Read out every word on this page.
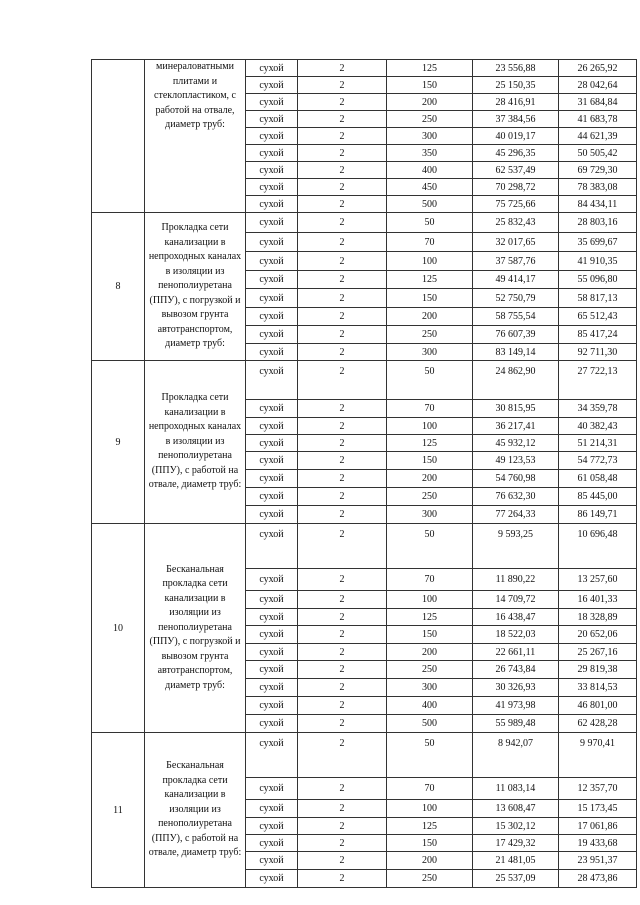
	минераловатными плитами и стеклопластиком, с работой на отвале, диаметр труб:	сухой	2	125	23 556,88	26 265,92
		сухой	2	150	25 150,35	28 042,64
		сухой	2	200	28 416,91	31 684,84
		сухой	2	250	37 384,56	41 683,78
		сухой	2	300	40 019,17	44 621,39
		сухой	2	350	45 296,35	50 505,42
		сухой	2	400	62 537,49	69 729,30
		сухой	2	450	70 298,72	78 383,08
		сухой	2	500	75 725,66	84 434,11
8	Прокладка сети канализации в непроходных каналах в изоляции из пенополиуретана (ППУ), с погрузкой и вывозом грунта автотранспортом, диаметр труб:	сухой	2	50	25 832,43	28 803,16
		сухой	2	70	32 017,65	35 699,67
		сухой	2	100	37 587,76	41 910,35
		сухой	2	125	49 414,17	55 096,80
		сухой	2	150	52 750,79	58 817,13
		сухой	2	200	58 755,54	65 512,43
		сухой	2	250	76 607,39	85 417,24
		сухой	2	300	83 149,14	92 711,30
9	Прокладка сети канализации в непроходных каналах в изоляции из пенополиуретана (ППУ), с работой на отвале, диаметр труб:	сухой	2	50	24 862,90	27 722,13
		сухой	2	70	30 815,95	34 359,78
		сухой	2	100	36 217,41	40 382,43
		сухой	2	125	45 932,12	51 214,31
		сухой	2	150	49 123,53	54 772,73
		сухой	2	200	54 760,98	61 058,48
		сухой	2	250	76 632,30	85 445,00
		сухой	2	300	77 264,33	86 149,71
10	Бесканальная прокладка сети канализации в изоляции из пенополиуретана (ППУ), с погрузкой и вывозом грунта автотранспортом, диаметр труб:	сухой	2	50	9 593,25	10 696,48
		сухой	2	70	11 890,22	13 257,60
		сухой	2	100	14 709,72	16 401,33
		сухой	2	125	16 438,47	18 328,89
		сухой	2	150	18 522,03	20 652,06
		сухой	2	200	22 661,11	25 267,16
		сухой	2	250	26 743,84	29 819,38
		сухой	2	300	30 326,93	33 814,53
		сухой	2	400	41 973,98	46 801,00
		сухой	2	500	55 989,48	62 428,28
11	Бесканальная прокладка сети канализации в изоляции из пенополиуретана (ППУ), с работой на отвале, диаметр труб:	сухой	2	50	8 942,07	9 970,41
		сухой	2	70	11 083,14	12 357,70
		сухой	2	100	13 608,47	15 173,45
		сухой	2	125	15 302,12	17 061,86
		сухой	2	150	17 429,32	19 433,68
		сухой	2	200	21 481,05	23 951,37
		сухой	2	250	25 537,09	28 473,86
